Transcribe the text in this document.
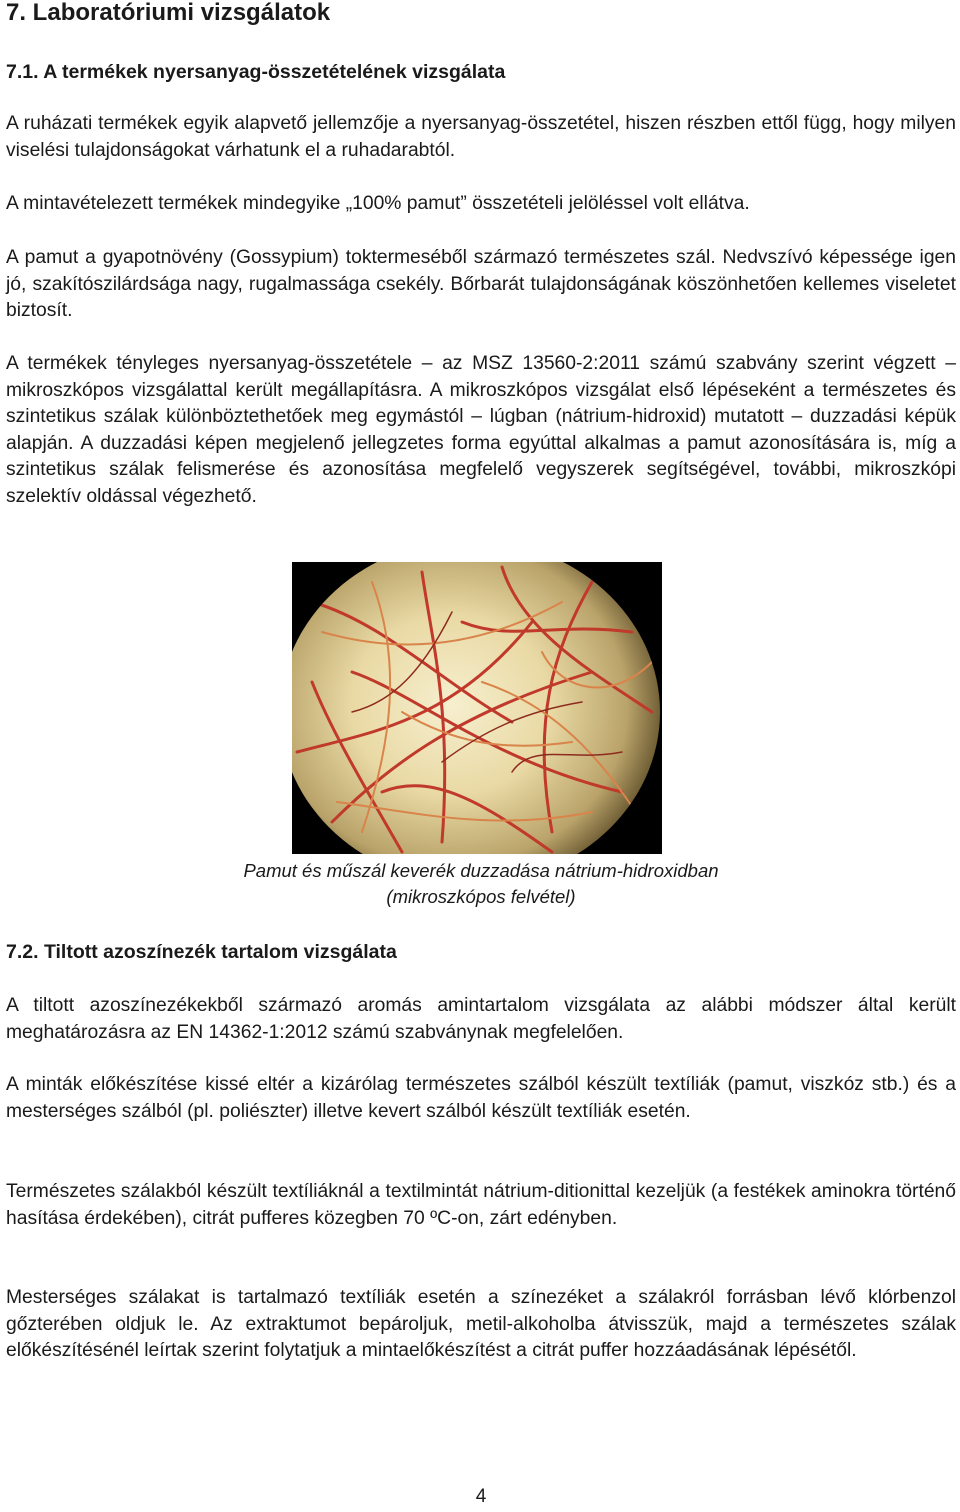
7. Laboratóriumi vizsgálatok
7.1. A termékek nyersanyag-összetételének vizsgálata

A ruházati termékek egyik alapvető jellemzője a nyersanyag-összetétel, hiszen részben ettől függ, hogy milyen viselési tulajdonságokat várhatunk el a ruhadarabtól.

A mintavételezett termékek mindegyike „100% pamut” összetételi jelöléssel volt ellátva.

A pamut a gyapotnövény (Gossypium) toktermeséből származó természetes szál. Nedvszívó képessége igen jó, szakítószilárdsága nagy, rugalmassága csekély. Bőrbarát tulajdonságának köszönhetően kellemes viseletet biztosít.

A termékek tényleges nyersanyag-összetétele – az MSZ 13560-2:2011 számú szabvány szerint végzett – mikroszkópos vizsgálattal került megállapításra. A mikroszkópos vizsgálat első lépéseként a természetes és szintetikus szálak különböztethetőek meg egymástól – lúgban (nátrium-hidroxid) mutatott – duzzadási képük alapján. A duzzadási képen megjelenő jellegzetes forma egyúttal alkalmas a pamut azonosítására is, míg a szintetikus szálak felismerése és azonosítása megfelelő vegyszerek segítségével, további, mikroszkópi szelektív oldással végezhető.

Pamut és műszál keverék duzzadása nátrium-hidroxidban

(mikroszkópos felvétel)

7.2. Tiltott azoszínezék tartalom vizsgálata

A tiltott azoszínezékekből származó aromás amintartalom vizsgálata az alábbi módszer által került meghatározásra az EN 14362-1:2012 számú szabványnak megfelelően.

A minták előkészítése kissé eltér a kizárólag természetes szálból készült textíliák (pamut, viszkóz stb.) és a mesterséges szálból (pl. poliészter) illetve kevert szálból készült textíliák esetén.

Természetes szálakból készült textíliáknál a textilmintát nátrium-ditionittal kezeljük (a festékek aminokra történő hasítása érdekében), citrát pufferes közegben 70 ºC-on, zárt edényben.

Mesterséges szálakat is tartalmazó textíliák esetén a színezéket a szálakról forrásban lévő klórbenzol gőzterében oldjuk le. Az extraktumot bepároljuk, metil-alkoholba átvisszük, majd a természetes szálak előkészítésénél leírtak szerint folytatjuk a mintaelőkészítést a citrát puffer hozzáadásának lépésétől.

4
